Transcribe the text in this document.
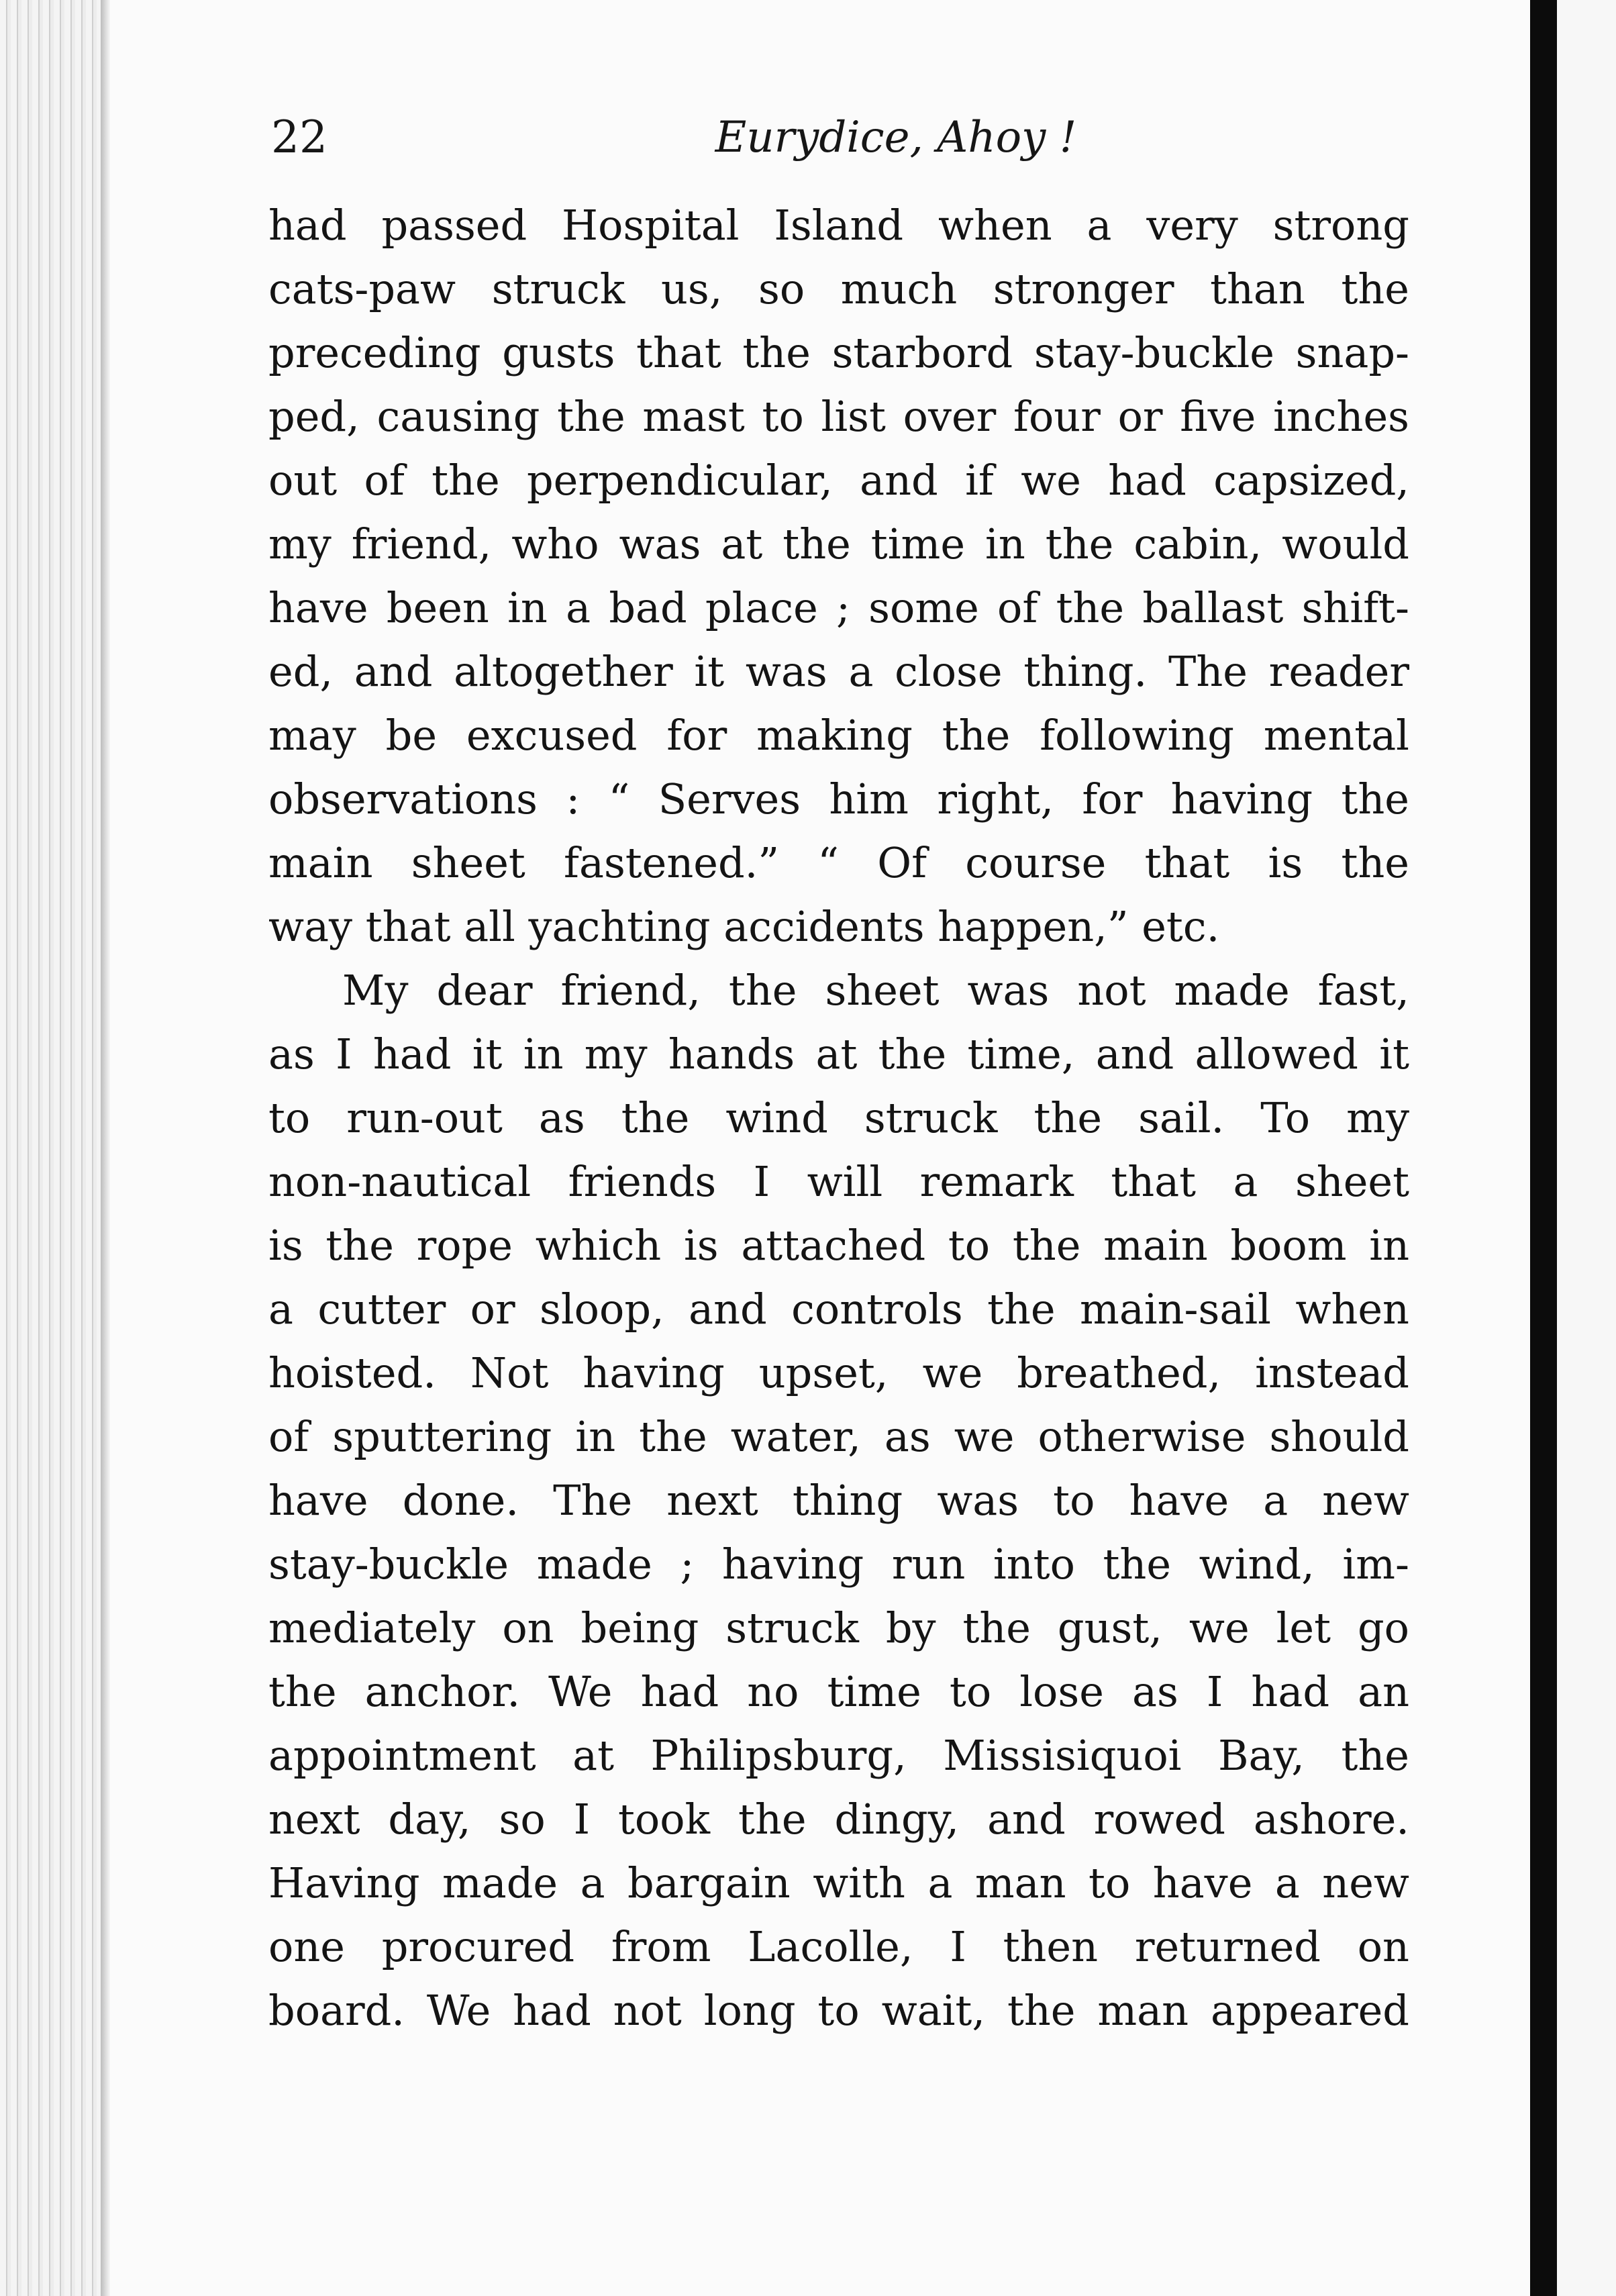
22	Eurydice, Ahoy !
had passed Hospital Island when a very strong
cats-paw struck us, so much stronger than the
preceding gusts that the starbord stay-buckle snap-
ped, causing the mast to list over four or five inches
out of the perpendicular, and if we had capsized,
my friend, who was at the time in the cabin, would
have been in a bad place ; some of the ballast shift-
ed, and altogether it was a close thing. The reader
may be excused for making the following mental
observations : “ Serves him right, for having the
main sheet fastened.” “ Of course that is the
way that all yachting accidents happen,” etc.
My dear friend, the sheet was not made fast,
as I had it in my hands at the time, and allowed it
to run-out as the wind struck the sail. To my
non-nautical friends I will remark that a sheet
is the rope which is attached to the main boom in
a cutter or sloop, and controls the main-sail when
hoisted. Not having upset, we breathed, instead
of sputtering in the water, as we otherwise should
have done. The next thing was to have a new
stay-buckle made ; having run into the wind, im-
mediately on being struck by the gust, we let go
the anchor. We had no time to lose as I had an
appointment at Philipsburg, Missisiquoi Bay, the
next day, so I took the dingy, and rowed ashore.
Having made a bargain with a man to have a new
one procured from Lacolle, I then returned on
board. We had not long to wait, the man appeared
